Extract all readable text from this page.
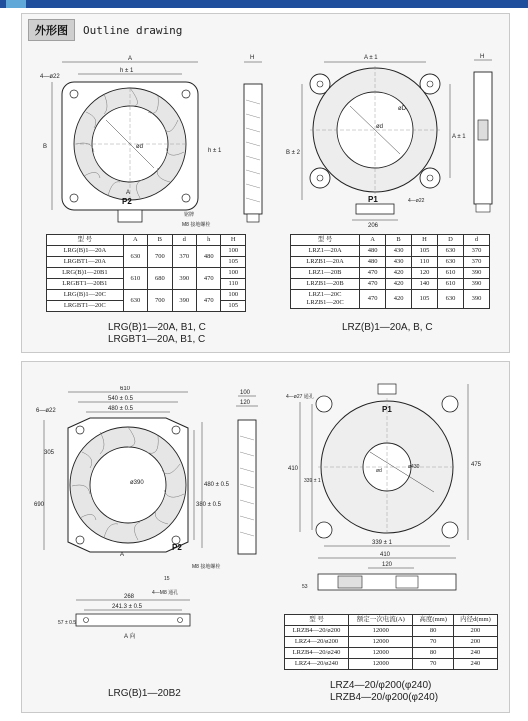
外形图	Outline drawing
A
h ± 1
4—ø22
B
h ± 1
ød
P2
A
铭牌
M8 接地螺栓
H
型 号	A	B	d	h	H
LRG(B)1—20A	630	700	370	480	100
LRGBT1—20A					105
LRG(B)1—20B1	610	680	390	470	100
LRGBT1—20B1					110
LRG(B)1—20C	630	700	390	470	100
LRGBT1—20C					105
LRG(B)1—20A, B1, C
LRGBT1—20A, B1, C
A ± 1
ød
øD
A ± 1
B ± 2
P1	4—ø22
206
H
型 号	A	B	H	D	d
LRZ1—20A	480	430	105	630	370
LRZB1—20A	480	430	110	630	370
LRZ1—20B	470	420	120	610	390
LRZB1—20B	470	420	140	610	390
LRZ1—20C
LRZB1—20C	470	420	105	630	390
LRZ(B)1—20A, B, C
610
540 ± 0.5
480 ± 0.5
6—ø22
305
690
ø390
380 ± 0.5
480 ± 0.5
P2
A
M8 接地螺栓
15
100
120
268
241.3 ± 0.5
4—M8 通孔
57 ± 0.5
A 向
LRG(B)1—20B2
4—ø27 通孔
P1
ød
ø430
410
339 ± 1
475
339 ± 1
410
120
53
型 号	额定一次电流(A)	高度(mm)	内径d(mm)
LRZB4—20/ø200	12000	80	200
LRZ4—20/ø200	12000	70	200
LRZB4—20/ø240	12000	80	240
LRZ4—20/ø240	12000	70	240
LRZ4—20/φ200(φ240)
LRZB4—20/φ200(φ240)
